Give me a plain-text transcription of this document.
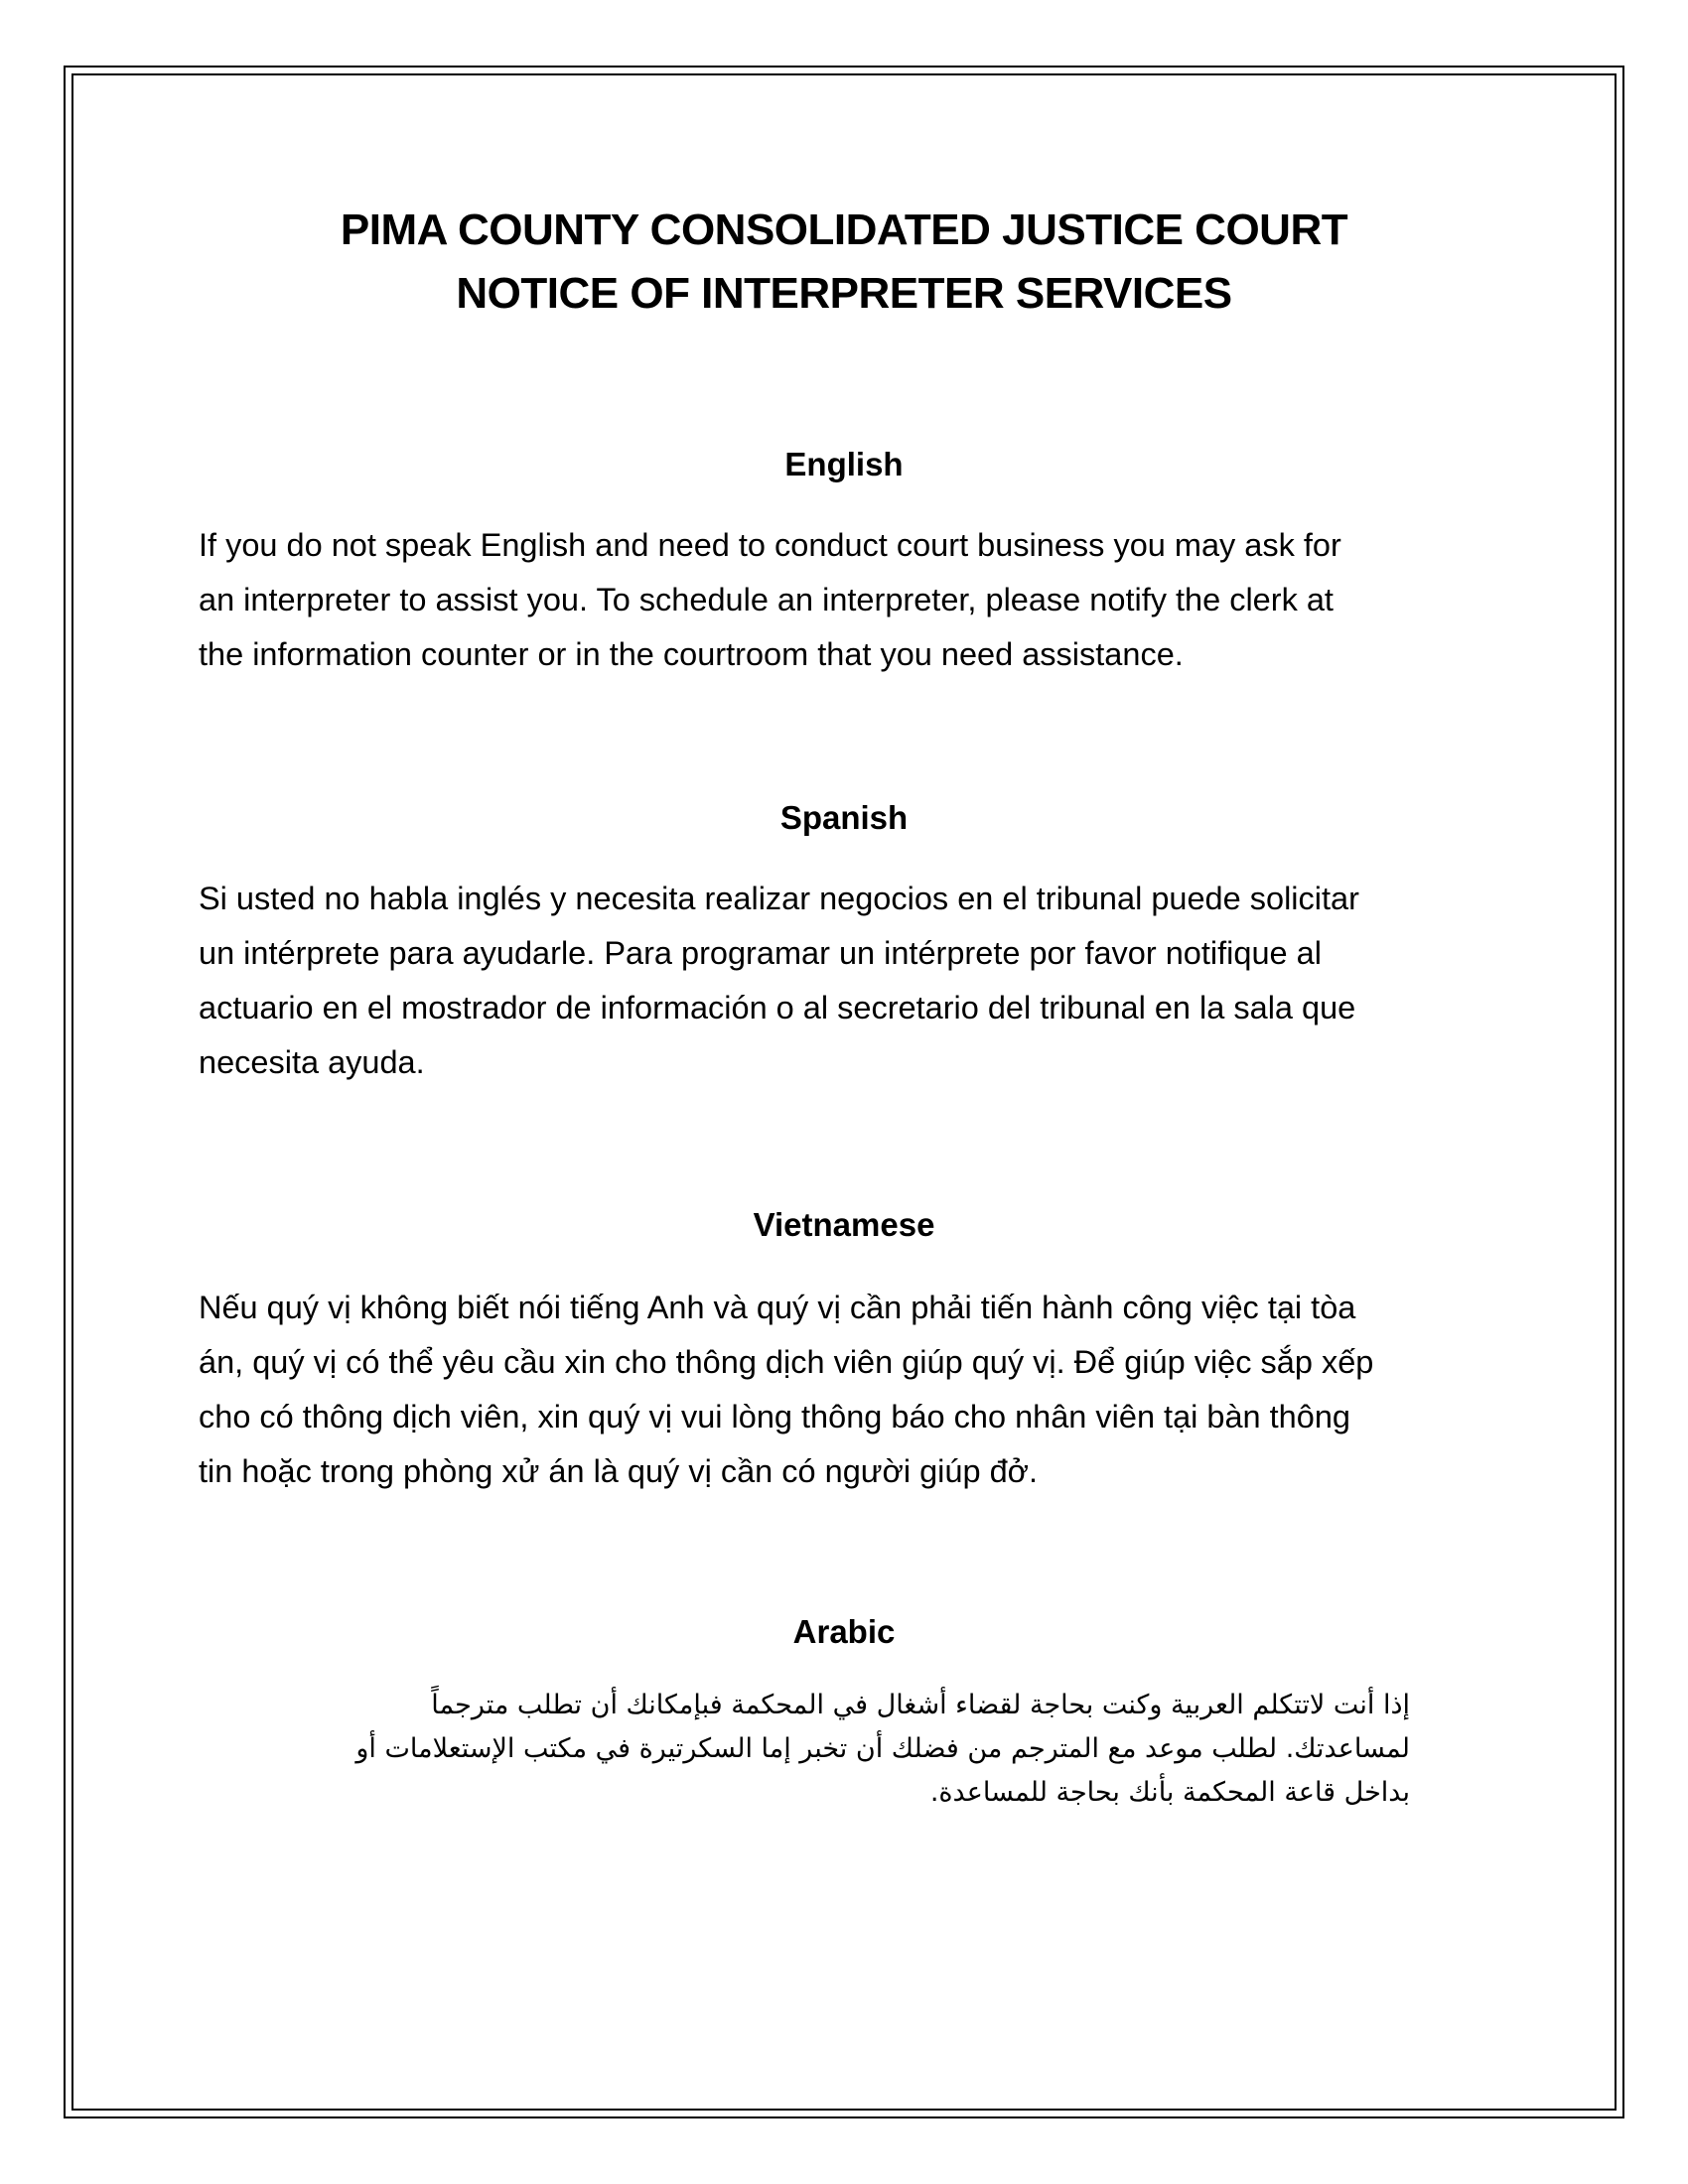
PIMA COUNTY CONSOLIDATED JUSTICE COURT
NOTICE OF INTERPRETER SERVICES
English
If you do not speak English and need to conduct court business you may ask for
an interpreter to assist you. To schedule an interpreter, please notify the clerk at
the information counter or in the courtroom that you need assistance.
Spanish
Si usted no habla inglés y necesita realizar negocios en el tribunal puede solicitar
un intérprete para ayudarle. Para programar un intérprete por favor notifique al
actuario en el mostrador de información o al secretario del tribunal en la sala que
necesita ayuda.
Vietnamese
Nếu quý vị không biết nói tiếng Anh và quý vị cần phải tiến hành công việc tại tòa
án, quý vị có thể yêu cầu xin cho thông dịch viên giúp quý vị. Để giúp việc sắp xếp
cho có thông dịch viên, xin quý vị vui lòng thông báo cho nhân viên tại bàn thông
tin hoặc trong phòng xử án là quý vị cần có người giúp đở.
Arabic
إذا أنت لاتتكلم العربية وكنت بحاجة لقضاء أشغال في المحكمة فبإمكانك أن تطلب مترجماً
لمساعدتك. لطلب موعد مع المترجم من فضلك أن تخبر إما السكرتيرة في مكتب الإستعلامات أو
بداخل قاعة المحكمة بأنك بحاجة للمساعدة.
